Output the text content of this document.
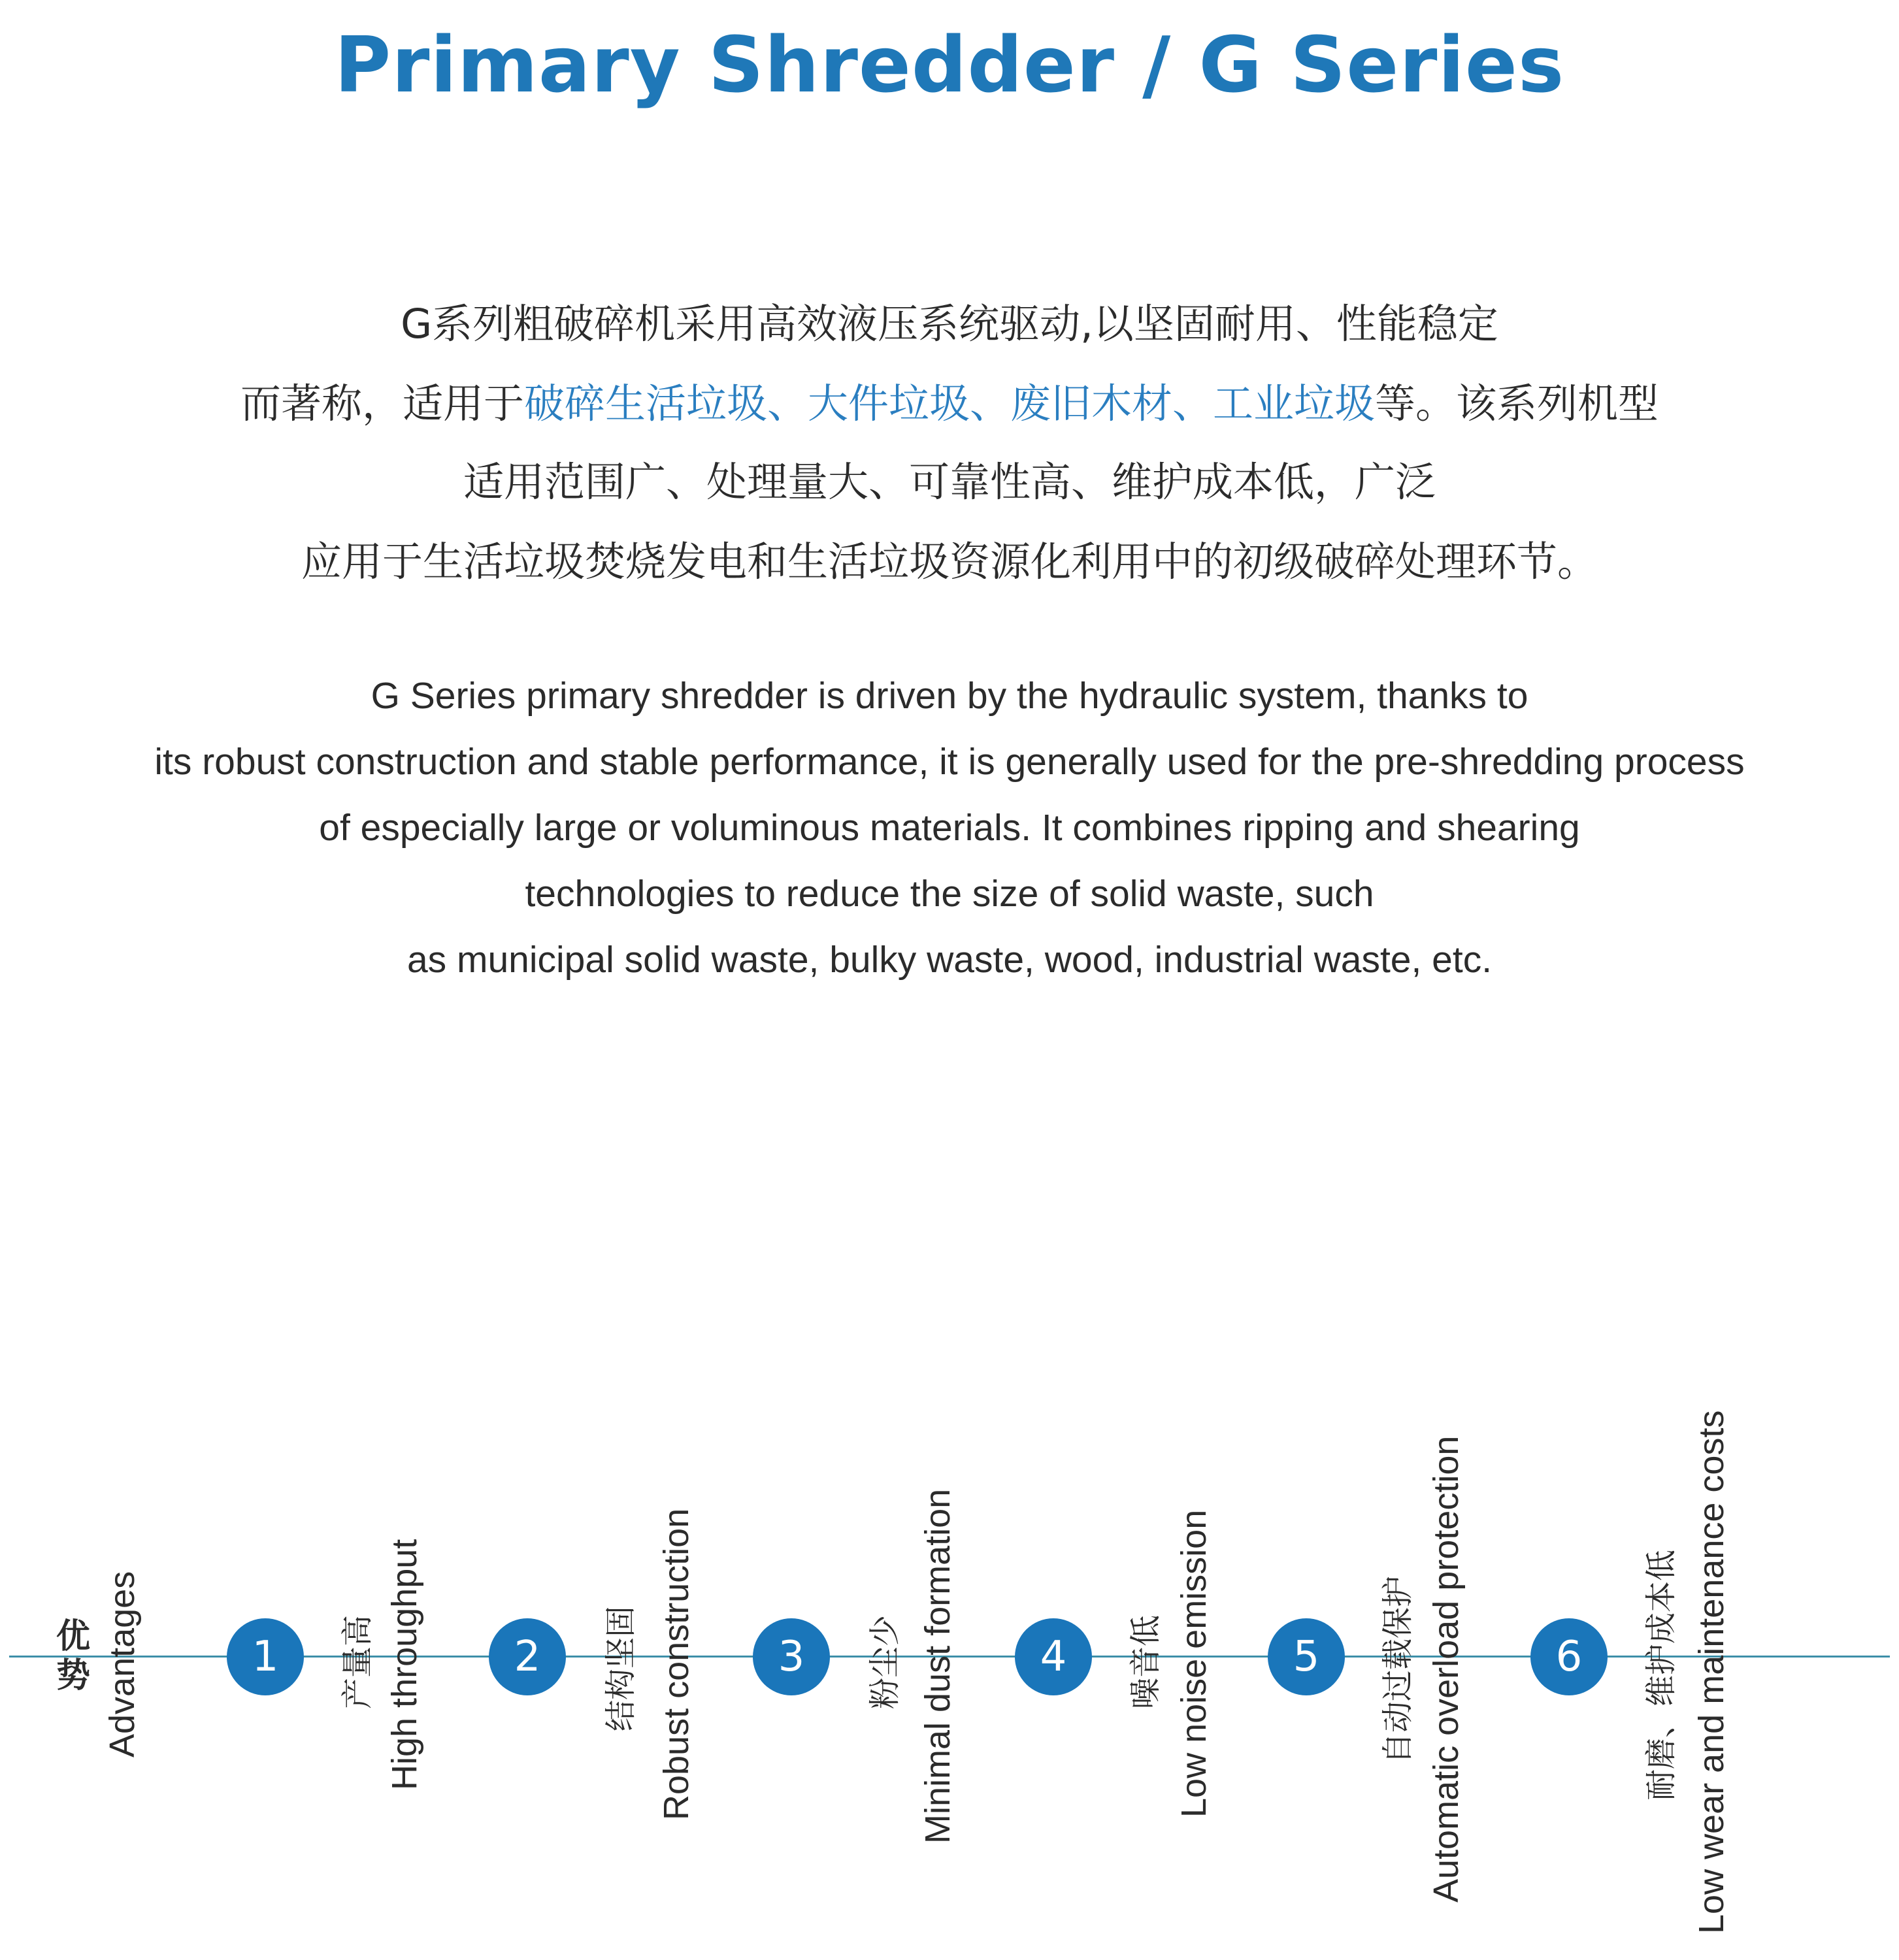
Primary Shredder / G Series
G系列粗破碎机采用高效液压系统驱动,以坚固耐用、性能稳定
而著称，适用于破碎生活垃圾、大件垃圾、废旧木材、工业垃圾等。该系列机型
适用范围广、处理量大、可靠性高、维护成本低，广泛
应用于生活垃圾焚烧发电和生活垃圾资源化利用中的初级破碎处理环节。
G Series primary shredder is driven by the hydraulic system, thanks to
its robust construction and stable performance, it is generally used for the pre-shredding process
of especially large or voluminous materials. It combines ripping and shearing
technologies to reduce the size of solid waste, such
as municipal solid waste, bulky waste, wood, industrial waste, etc.
优势 Advantages	1	产量高 High throughput	2	结构坚固 Robust construction	3	粉尘少 Minimal dust formation	4	噪音低 Low noise emission	5	自动过载保护 Automatic overload protection	6	耐磨、维护成本低 Low wear and maintenance costs
